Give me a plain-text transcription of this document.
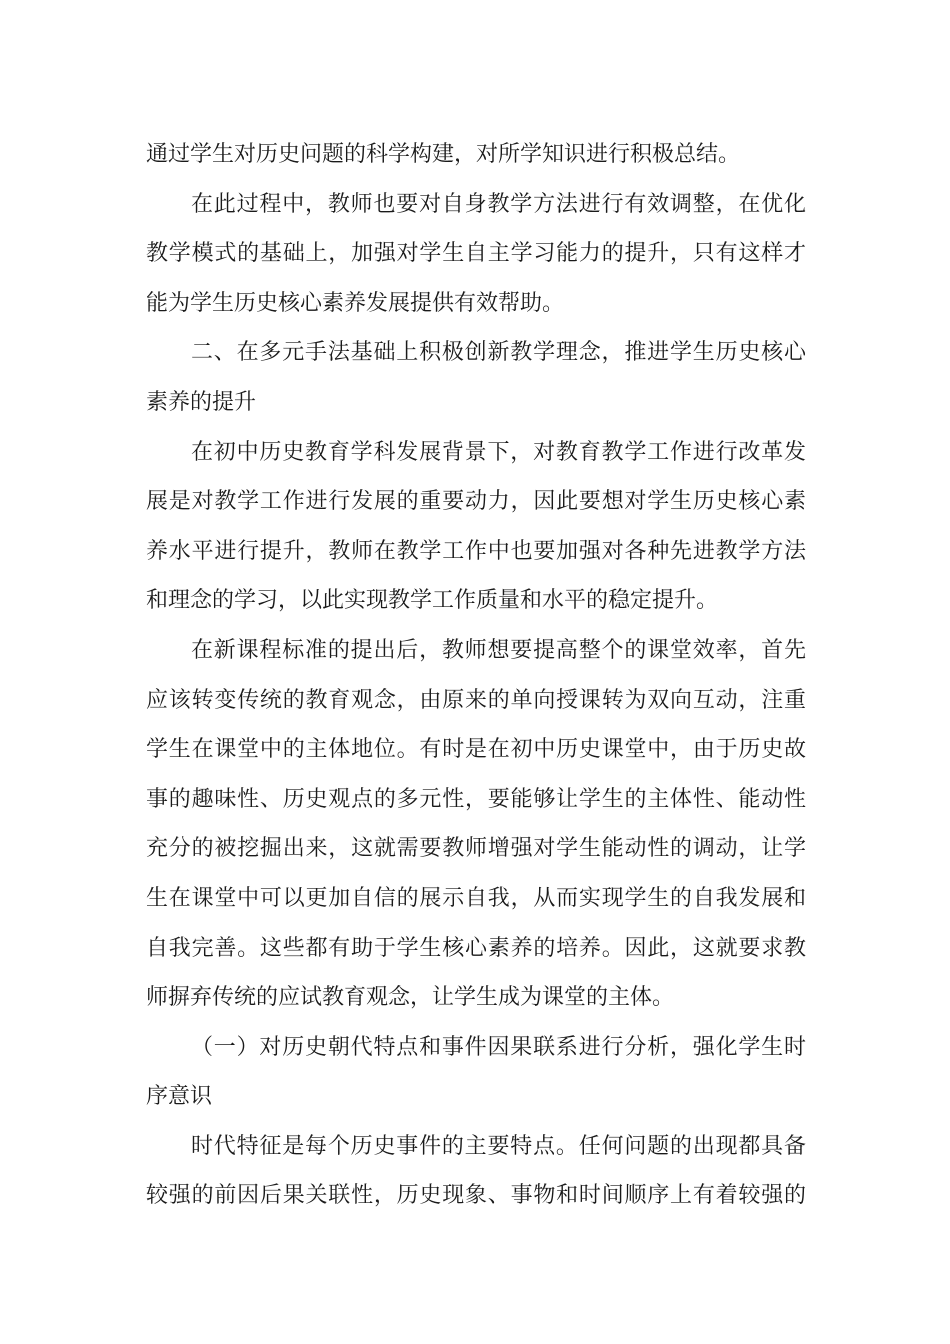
通过学生对历史问题的科学构建，对所学知识进行积极总结。
在此过程中，教师也要对自身教学方法进行有效调整，在优化
教学模式的基础上，加强对学生自主学习能力的提升，只有这样才
能为学生历史核心素养发展提供有效帮助。
二、在多元手法基础上积极创新教学理念，推进学生历史核心
素养的提升
在初中历史教育学科发展背景下，对教育教学工作进行改革发
展是对教学工作进行发展的重要动力，因此要想对学生历史核心素
养水平进行提升，教师在教学工作中也要加强对各种先进教学方法
和理念的学习，以此实现教学工作质量和水平的稳定提升。
在新课程标准的提出后，教师想要提高整个的课堂效率，首先
应该转变传统的教育观念，由原来的单向授课转为双向互动，注重
学生在课堂中的主体地位。有时是在初中历史课堂中，由于历史故
事的趣味性、历史观点的多元性，要能够让学生的主体性、能动性
充分的被挖掘出来，这就需要教师增强对学生能动性的调动，让学
生在课堂中可以更加自信的展示自我，从而实现学生的自我发展和
自我完善。这些都有助于学生核心素养的培养。因此，这就要求教
师摒弃传统的应试教育观念，让学生成为课堂的主体。
（一）对历史朝代特点和事件因果联系进行分析，强化学生时
序意识
时代特征是每个历史事件的主要特点。任何问题的出现都具备
较强的前因后果关联性，历史现象、事物和时间顺序上有着较强的
